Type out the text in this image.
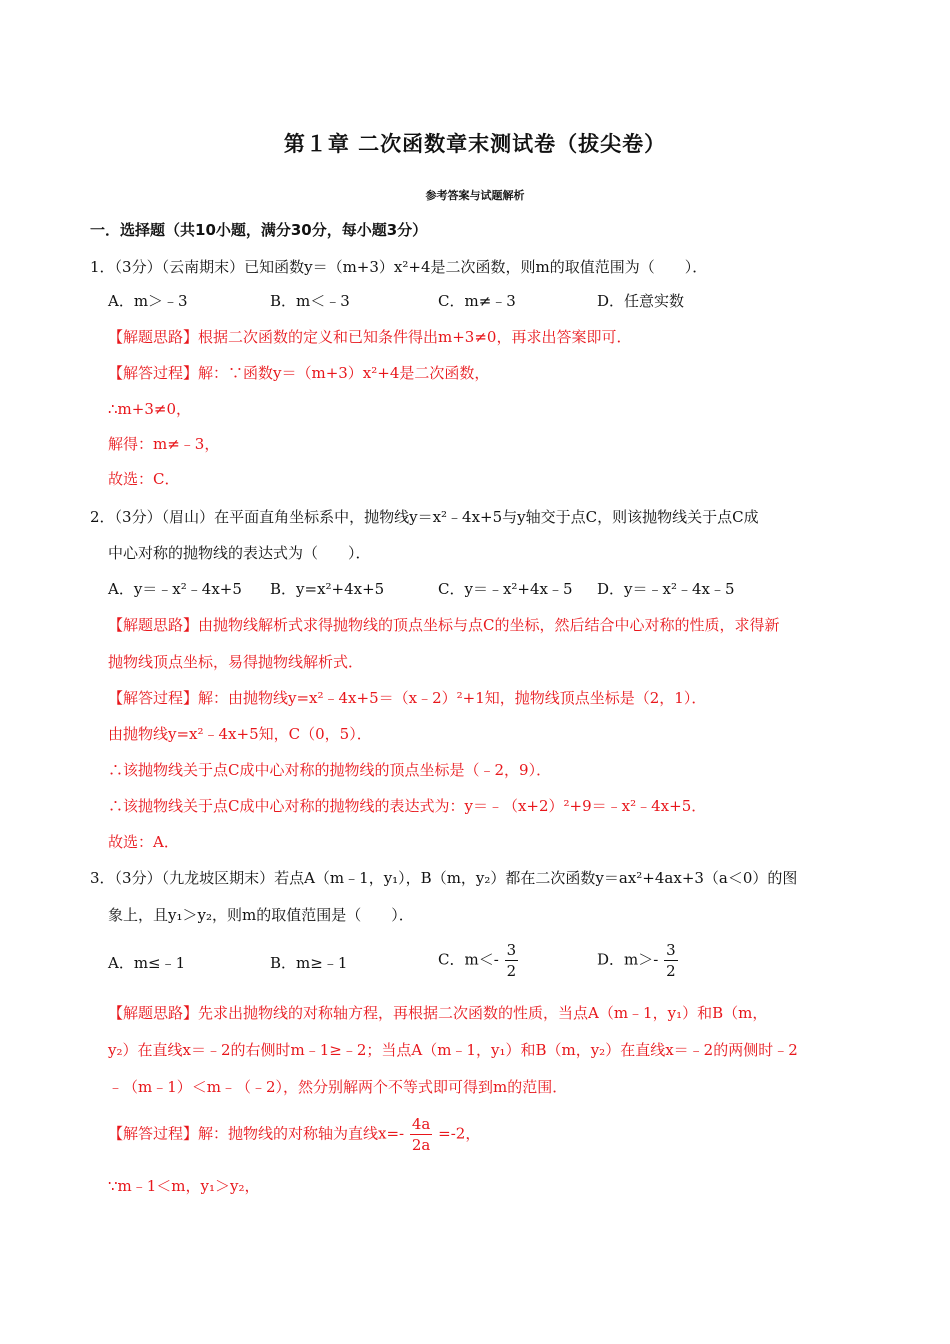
第１章 二次函数章末测试卷（拔尖卷）
参考答案与试题解析
一．选择题（共10小题，满分30分，每小题3分）
1．（3分）（云南期末）已知函数y＝（m+3）x²+4是二次函数，则m的取值范围为（　　）．
A．m＞﹣3	B．m＜﹣3	C．m≠﹣3	D．任意实数
【解题思路】根据二次函数的定义和已知条件得出m+3≠0，再求出答案即可．
【解答过程】解：∵函数y＝（m+3）x²+4是二次函数，
∴m+3≠0，
解得：m≠﹣3，
故选：C．
2．（3分）（眉山）在平面直角坐标系中，抛物线y＝x²﹣4x+5与y轴交于点C，则该抛物线关于点C成
中心对称的抛物线的表达式为（　　）．
A．y＝﹣x²﹣4x+5 B．y=x²+4x+5	C．y＝﹣x²+4x﹣5 D．y＝﹣x²﹣4x﹣5
【解题思路】由抛物线解析式求得抛物线的顶点坐标与点C的坐标，然后结合中心对称的性质，求得新
抛物线顶点坐标，易得抛物线解析式．
【解答过程】解：由抛物线y=x²﹣4x+5＝（x﹣2）²+1知，抛物线顶点坐标是（2，1）．
由抛物线y=x²﹣4x+5知，C（0，5）．
∴该抛物线关于点C成中心对称的抛物线的顶点坐标是（﹣2，9）．
∴该抛物线关于点C成中心对称的抛物线的表达式为：y＝﹣（x+2）²+9＝﹣x²﹣4x+5．
故选：A．
3．（3分）（九龙坡区期末）若点A（m﹣1，y₁），B（m，y₂）都在二次函数y＝ax²+4ax+3（a＜0）的图
象上，且y₁＞y₂，则m的取值范围是（　　）．
A．m≤﹣1	B．m≥﹣1	C．$m<- \frac{3}{2}$	D．$m>- \frac{3}{2}$
【解题思路】先求出抛物线的对称轴方程，再根据二次函数的性质，当点A（m﹣1，y₁）和B（m，
y₂）在直线x＝﹣2的右侧时m﹣1≥﹣2；当点A（m﹣1，y₁）和B（m，y₂）在直线x＝﹣2的两侧时﹣2
﹣（m﹣1）＜m﹣（﹣2），然分别解两个不等式即可得到m的范围．
【解答过程】解：抛物线的对称轴为直线$x=- \frac{4a}{2a} =-2$，
∵m﹣1＜m，y₁＞y₂，
